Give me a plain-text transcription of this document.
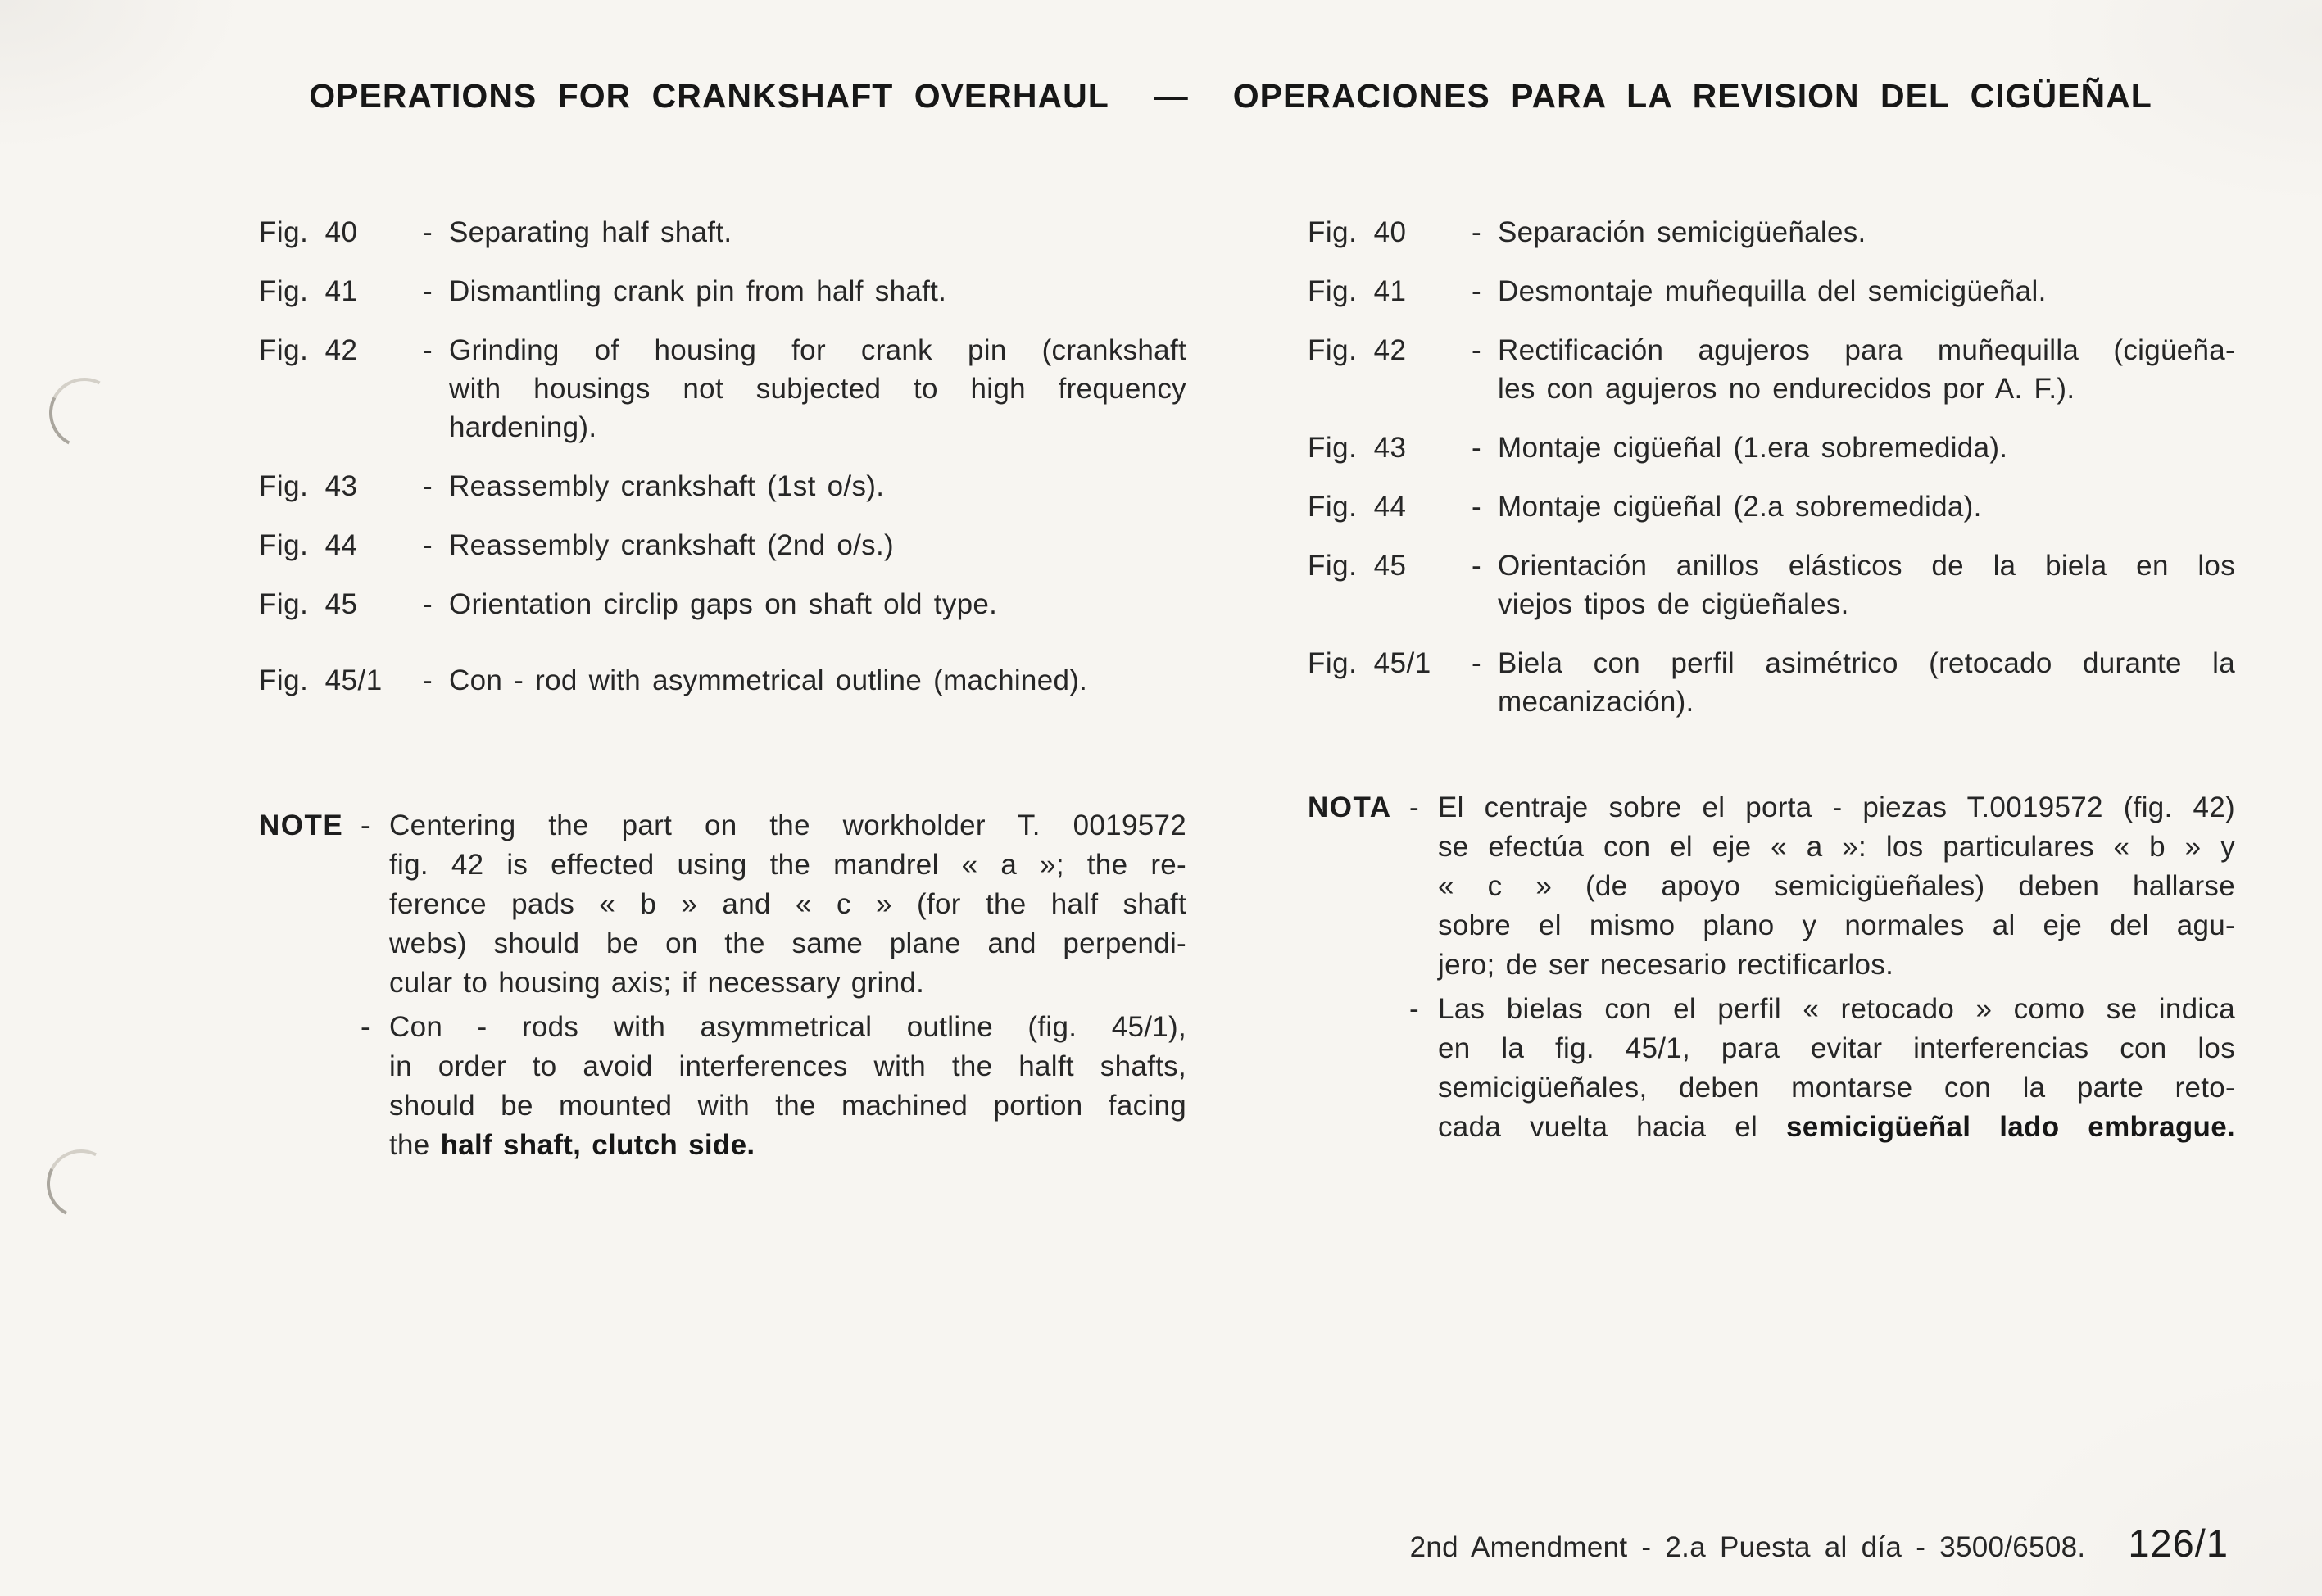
OPERATIONS FOR CRANKSHAFT OVERHAUL — OPERACIONES PARA LA REVISION DEL CIGÜEÑAL
Fig. 40	- Separating half shaft.
Fig. 41	- Dismantling crank pin from half shaft.
Fig. 42	- Grinding of housing for crank pin (crankshaft
with housings not subjected to high frequency
hardening).
Fig. 43	- Reassembly crankshaft (1st o/s).
Fig. 44	- Reassembly crankshaft (2nd o/s.)
Fig. 45	- Orientation circlip gaps on shaft old type.
Fig. 45/1	- Con - rod with asymmetrical outline (machined).
NOTE - Centering the part on the workholder T. 0019572
fig. 42 is effected using the mandrel « a »; the re-
ference pads « b » and « c » (for the half shaft
webs) should be on the same plane and perpendi-
cular to housing axis; if necessary grind.
- Con - rods with asymmetrical outline (fig. 45/1),
in order to avoid interferences with the halft shafts,
should be mounted with the machined portion facing
the half shaft, clutch side.
Fig. 40	- Separación semicigüeñales.
Fig. 41	- Desmontaje muñequilla del semicigüeñal.
Fig. 42	- Rectificación agujeros para muñequilla (cigüeña-
les con agujeros no endurecidos por A. F.).
Fig. 43	- Montaje cigüeñal (1.era sobremedida).
Fig. 44	- Montaje cigüeñal (2.a sobremedida).
Fig. 45	- Orientación anillos elásticos de la biela en los
viejos tipos de cigüeñales.
Fig. 45/1	- Biela con perfil asimétrico (retocado durante la
mecanización).
NOTA - El centraje sobre el porta - piezas T.0019572 (fig. 42)
se efectúa con el eje « a »: los particulares « b » y
« c » (de apoyo semicigüeñales) deben hallarse
sobre el mismo plano y normales al eje del agu-
jero; de ser necesario rectificarlos.
- Las bielas con el perfil « retocado » como se indica
en la fig. 45/1, para evitar interferencias con los
semicigüeñales, deben montarse con la parte reto-
cada vuelta hacia el semicigüeñal lado embrague.
2nd Amendment - 2.a Puesta al día - 3500/6508. 126/1
